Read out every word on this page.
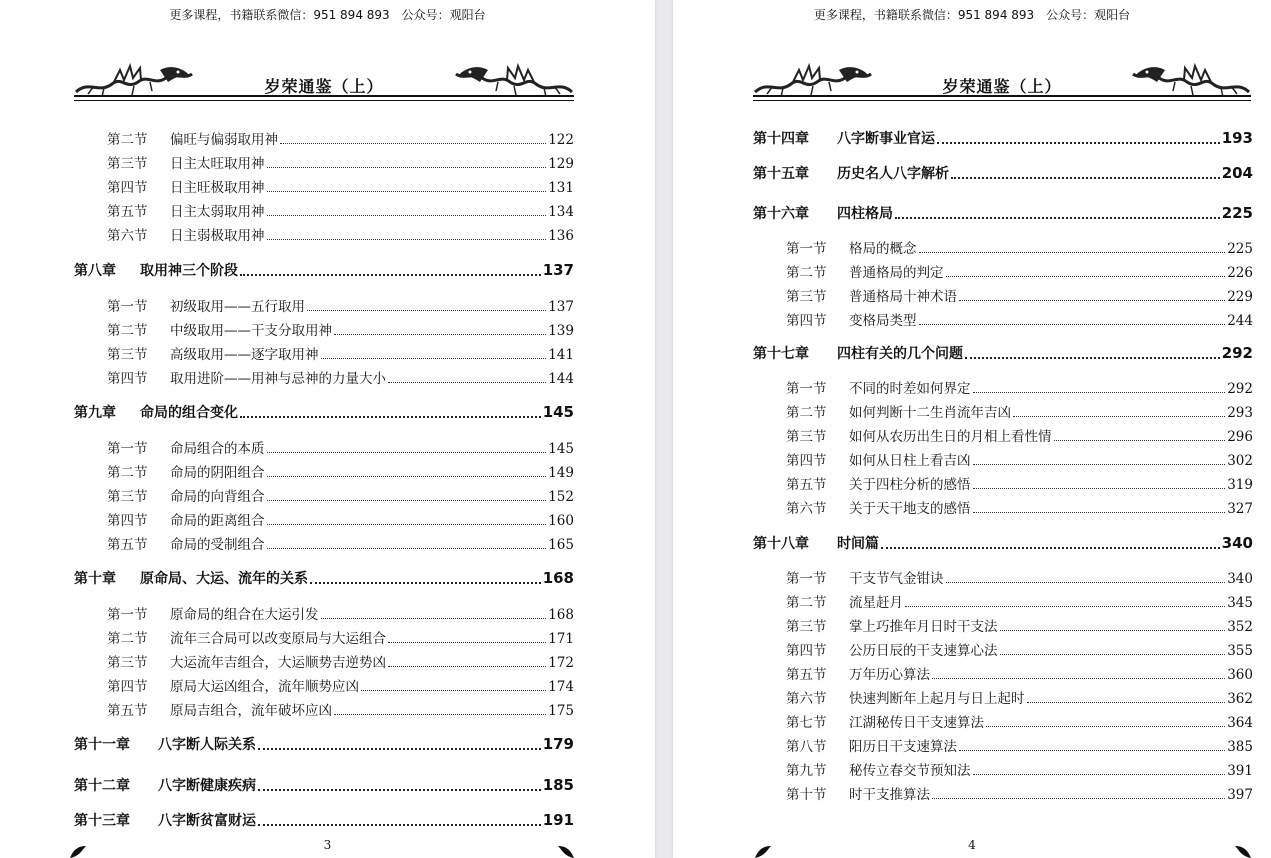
更多课程，书籍联系微信：951 894 893　公众号：观阳台
岁荣通鉴（上）
第二节	偏旺与偏弱取用神	122
第三节	日主太旺取用神	129
第四节	日主旺极取用神	131
第五节	日主太弱取用神	134
第六节	日主弱极取用神	136
第八章	取用神三个阶段	137
第一节	初级取用——五行取用	137
第二节	中级取用——干支分取用神	139
第三节	高级取用——逐字取用神	141
第四节	取用进阶——用神与忌神的力量大小	144
第九章	命局的组合变化	145
第一节	命局组合的本质	145
第二节	命局的阴阳组合	149
第三节	命局的向背组合	152
第四节	命局的距离组合	160
第五节	命局的受制组合	165
第十章	原命局、大运、流年的关系	168
第一节	原命局的组合在大运引发	168
第二节	流年三合局可以改变原局与大运组合	171
第三节	大运流年吉组合，大运顺势吉逆势凶	172
第四节	原局大运凶组合，流年顺势应凶	174
第五节	原局吉组合，流年破坏应凶	175
第十一章	八字断人际关系	179
第十二章	八字断健康疾病	185
第十三章	八字断贫富财运	191
3
更多课程，书籍联系微信：951 894 893　公众号：观阳台
岁荣通鉴（上）
第十四章	八字断事业官运	193
第十五章	历史名人八字解析	204
第十六章	四柱格局	225
第一节	格局的概念	225
第二节	普通格局的判定	226
第三节	普通格局十神术语	229
第四节	变格局类型	244
第十七章	四柱有关的几个问题	292
第一节	不同的时差如何界定	292
第二节	如何判断十二生肖流年吉凶	293
第三节	如何从农历出生日的月相上看性情	296
第四节	如何从日柱上看吉凶	302
第五节	关于四柱分析的感悟	319
第六节	关于天干地支的感悟	327
第十八章	时间篇	340
第一节	干支节气金钳诀	340
第二节	流星赶月	345
第三节	掌上巧推年月日时干支法	352
第四节	公历日辰的干支速算心法	355
第五节	万年历心算法	360
第六节	快速判断年上起月与日上起时	362
第七节	江湖秘传日干支速算法	364
第八节	阳历日干支速算法	385
第九节	秘传立春交节预知法	391
第十节	时干支推算法	397
4
